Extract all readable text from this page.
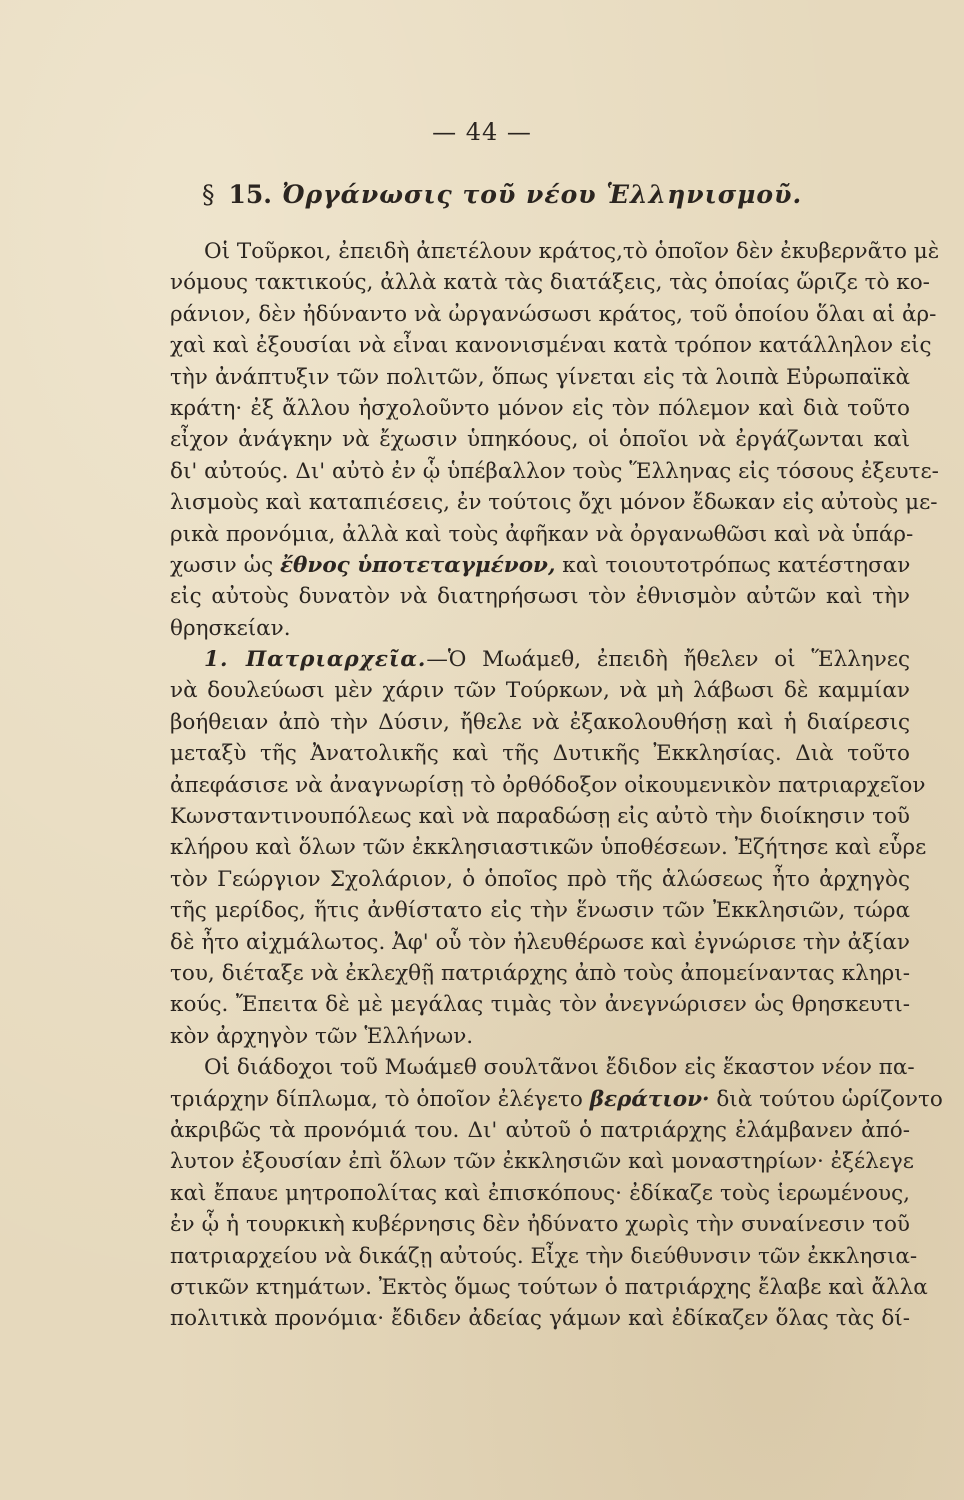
— 44 —
§ 15. Ὀργάνωσις τοῦ νέου Ἑλληνισμοῦ.
Οἱ Τοῦρκοι, ἐπειδὴ ἀπετέλουν κράτος,τὸ ὁποῖον δὲν ἐκυβερνᾶτο μὲ
νόμους τακτικούς, ἀλλὰ κατὰ τὰς διατάξεις, τὰς ὁποίας ὥριζε τὸ κο-
ράνιον, δὲν ἠδύναντο νὰ ὠργανώσωσι κράτος, τοῦ ὁποίου ὅλαι αἱ ἀρ-
χαὶ καὶ ἐξουσίαι νὰ εἶναι κανονισμέναι κατὰ τρόπον κατάλληλον εἰς
τὴν ἀνάπτυξιν τῶν πολιτῶν, ὅπως γίνεται εἰς τὰ λοιπὰ Εὐρωπαϊκὰ
κράτη· ἐξ ἄλλου ἠσχολοῦντο μόνον εἰς τὸν πόλεμον καὶ διὰ τοῦτο
εἶχον ἀνάγκην νὰ ἔχωσιν ὑπηκόους, οἱ ὁποῖοι νὰ ἐργάζωνται καὶ
δι' αὐτούς. Δι' αὐτὸ ἐν ᾧ ὑπέβαλλον τοὺς Ἕλληνας εἰς τόσους ἐξευτε-
λισμοὺς καὶ καταπιέσεις, ἐν τούτοις ὄχι μόνον ἔδωκαν εἰς αὐτοὺς με-
ρικὰ προνόμια, ἀλλὰ καὶ τοὺς ἀφῆκαν νὰ ὀργανωθῶσι καὶ νὰ ὑπάρ-
χωσιν ὡς ἔθνος ὑποτεταγμένον, καὶ τοιουτοτρόπως κατέστησαν
εἰς αὐτοὺς δυνατὸν νὰ διατηρήσωσι τὸν ἐθνισμὸν αὐτῶν καὶ τὴν
θρησκείαν.
1. Πατριαρχεῖα.—Ὁ Μωάμεθ, ἐπειδὴ ἤθελεν οἱ Ἕλληνες
νὰ δουλεύωσι μὲν χάριν τῶν Τούρκων, νὰ μὴ λάβωσι δὲ καμμίαν
βοήθειαν ἀπὸ τὴν Δύσιν, ἤθελε νὰ ἐξακολουθήσῃ καὶ ἡ διαίρεσις
μεταξὺ τῆς Ἀνατολικῆς καὶ τῆς Δυτικῆς Ἐκκλησίας. Διὰ τοῦτο
ἀπεφάσισε νὰ ἀναγνωρίσῃ τὸ ὀρθόδοξον οἰκουμενικὸν πατριαρχεῖον
Κωνσταντινουπόλεως καὶ νὰ παραδώσῃ εἰς αὐτὸ τὴν διοίκησιν τοῦ
κλήρου καὶ ὅλων τῶν ἐκκλησιαστικῶν ὑποθέσεων. Ἐζήτησε καὶ εὗρε
τὸν Γεώργιον Σχολάριον, ὁ ὁποῖος πρὸ τῆς ἁλώσεως ἦτο ἀρχηγὸς
τῆς μερίδος, ἥτις ἀνθίστατο εἰς τὴν ἕνωσιν τῶν Ἐκκλησιῶν, τώρα
δὲ ἦτο αἰχμάλωτος. Ἀφ' οὗ τὸν ἠλευθέρωσε καὶ ἐγνώρισε τὴν ἀξίαν
του, διέταξε νὰ ἐκλεχθῇ πατριάρχης ἀπὸ τοὺς ἀπομείναντας κληρι-
κούς. Ἔπειτα δὲ μὲ μεγάλας τιμὰς τὸν ἀνεγνώρισεν ὡς θρησκευτι-
κὸν ἀρχηγὸν τῶν Ἑλλήνων.
Οἱ διάδοχοι τοῦ Μωάμεθ σουλτᾶνοι ἔδιδον εἰς ἕκαστον νέον πα-
τριάρχην δίπλωμα, τὸ ὁποῖον ἐλέγετο βεράτιον· διὰ τούτου ὡρίζοντο
ἀκριβῶς τὰ προνόμιά του. Δι' αὐτοῦ ὁ πατριάρχης ἐλάμβανεν ἀπό-
λυτον ἐξουσίαν ἐπὶ ὅλων τῶν ἐκκλησιῶν καὶ μοναστηρίων· ἐξέλεγε
καὶ ἔπαυε μητροπολίτας καὶ ἐπισκόπους· ἐδίκαζε τοὺς ἱερωμένους,
ἐν ᾧ ἡ τουρκικὴ κυβέρνησις δὲν ἠδύνατο χωρὶς τὴν συναίνεσιν τοῦ
πατριαρχείου νὰ δικάζῃ αὐτούς. Εἶχε τὴν διεύθυνσιν τῶν ἐκκλησια-
στικῶν κτημάτων. Ἐκτὸς ὅμως τούτων ὁ πατριάρχης ἔλαβε καὶ ἄλλα
πολιτικὰ προνόμια· ἔδιδεν ἀδείας γάμων καὶ ἐδίκαζεν ὅλας τὰς δί-
